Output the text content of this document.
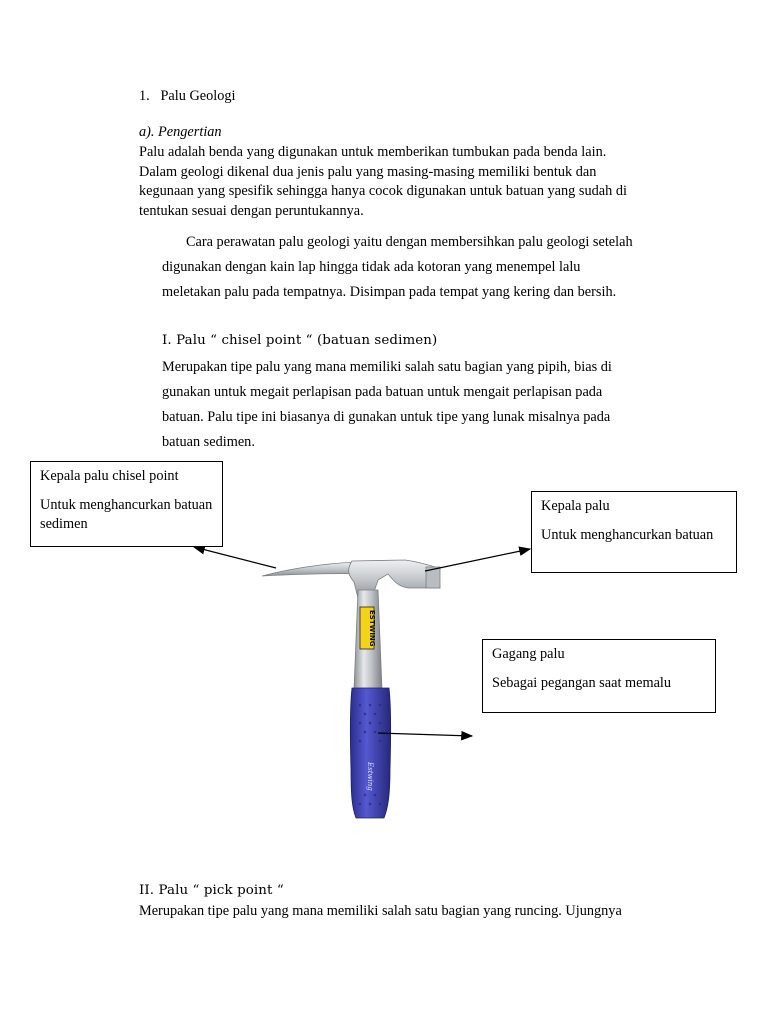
1. Palu Geologi
a). Pengertian
Palu adalah benda yang digunakan untuk memberikan tumbukan pada benda lain.
Dalam geologi dikenal dua jenis palu yang masing-masing memiliki bentuk dan
kegunaan yang spesifik sehingga hanya cocok digunakan untuk batuan yang sudah di
tentukan sesuai dengan peruntukannya.
Cara perawatan palu geologi yaitu dengan membersihkan palu geologi setelah
digunakan dengan kain lap hingga tidak ada kotoran yang menempel lalu
meletakan palu pada tempatnya. Disimpan pada tempat yang kering dan bersih.
I. Palu “ chisel point “ (batuan sedimen)
Merupakan tipe palu yang mana memiliki salah satu bagian yang pipih, bias di
gunakan untuk megait perlapisan pada batuan untuk mengait perlapisan pada
batuan. Palu tipe ini biasanya di gunakan untuk tipe yang lunak misalnya pada
batuan sedimen.
ESTWING
Estwing
Kepala palu chisel point
Untuk menghancurkan batuan sedimen
Kepala palu
Untuk menghancurkan batuan
Gagang palu
Sebagai pegangan saat memalu
II. Palu “ pick point “
Merupakan tipe palu yang mana memiliki salah satu bagian yang runcing. Ujungnya
